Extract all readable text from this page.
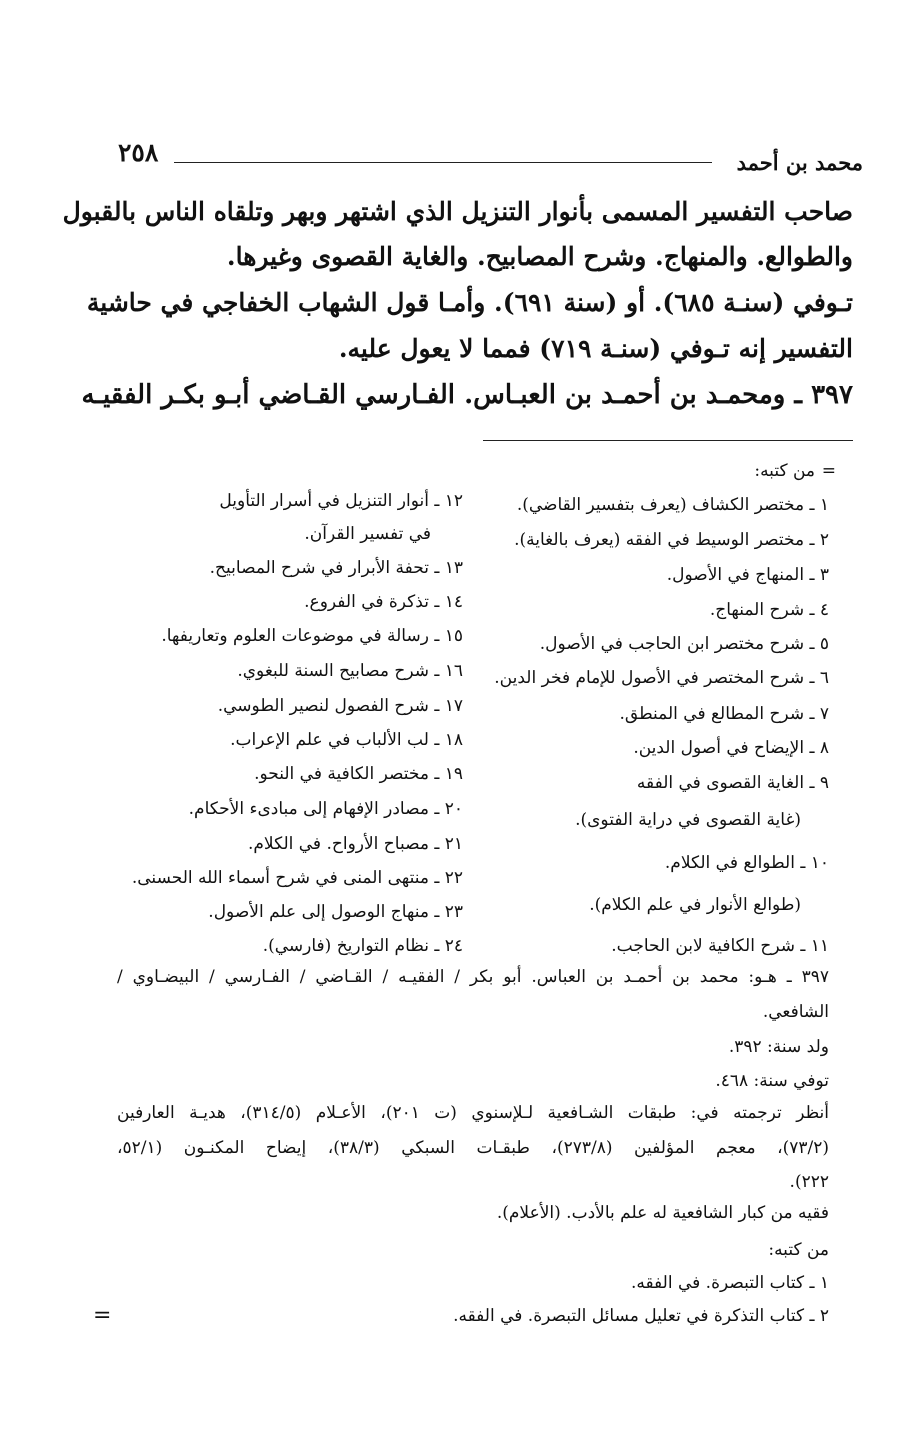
محمد بن أحمد
٢٥٨
صاحب التفسير المسمى بأنوار التنزيل الذي اشتهر وبهر وتلقاه الناس بالقبول
والطوالع. والمنهاج. وشرح المصابيح. والغاية القصوى وغيرها.
تـوفي (سنـة ٦٨٥). أو (سنة ٦٩١). وأمـا قول الشهاب الخفاجي في حاشية
التفسير إنه تـوفي (سنـة ٧١٩) فمما لا يعول عليه.
٣٩٧ ـ ومحمـد بن أحمـد بن العبـاس. الفـارسي القـاضي أبـو بكـر الفقيـه
=
من كتبه:
١ ـ مختصر الكشاف (يعرف بتفسير القاضي).
٢ ـ مختصر الوسيط في الفقه (يعرف بالغاية).
٣ ـ المنهاج في الأصول.
٤ ـ شرح المنهاج.
٥ ـ شرح مختصر ابن الحاجب في الأصول.
٦ ـ شرح المختصر في الأصول للإمام فخر الدين.
٧ ـ شرح المطالع في المنطق.
٨ ـ الإيضاح في أصول الدين.
٩ ـ الغاية القصوى في الفقه
(غاية القصوى في دراية الفتوى).
١٠ ـ الطوالع في الكلام.
(طوالع الأنوار في علم الكلام).
١١ ـ شرح الكافية لابن الحاجب.
١٢ ـ أنوار التنزيل في أسرار التأويل
في تفسير القرآن.
١٣ ـ تحفة الأبرار في شرح المصابيح.
١٤ ـ تذكرة في الفروع.
١٥ ـ رسالة في موضوعات العلوم وتعاريفها.
١٦ ـ شرح مصابيح السنة للبغوي.
١٧ ـ شرح الفصول لنصير الطوسي.
١٨ ـ لب الألباب في علم الإعراب.
١٩ ـ مختصر الكافية في النحو.
٢٠ ـ مصادر الإفهام إلى مبادىء الأحكام.
٢١ ـ مصباح الأرواح. في الكلام.
٢٢ ـ منتهى المنى في شرح أسماء الله الحسنى.
٢٣ ـ منهاج الوصول إلى علم الأصول.
٢٤ ـ نظام التواريخ (فارسي).
٣٩٧ ـ هـو: محمد بن أحمـد بن العباس. أبو بكر / الفقيـه / القـاضي / الفـارسي / البيضـاوي /
الشافعي.
ولد سنة: ٣٩٢.
توفي سنة: ٤٦٨.
أنظر ترجمته في: طبقات الشـافعية لـلإسنوي (ت ٢٠١)، الأعـلام (٣١٤/٥)، هديـة العارفين
(٧٣/٢)، معجم المؤلفين (٢٧٣/٨)، طبقـات السبكي (٣٨/٣)، إيضاح المكنـون (٥٢/١،
٢٢٢).
فقيه من كبار الشافعية له علم بالأدب. (الأعلام).
من كتبه:
١ ـ كتاب التبصرة. في الفقه.
٢ ـ كتاب التذكرة في تعليل مسائل التبصرة. في الفقه.
=
